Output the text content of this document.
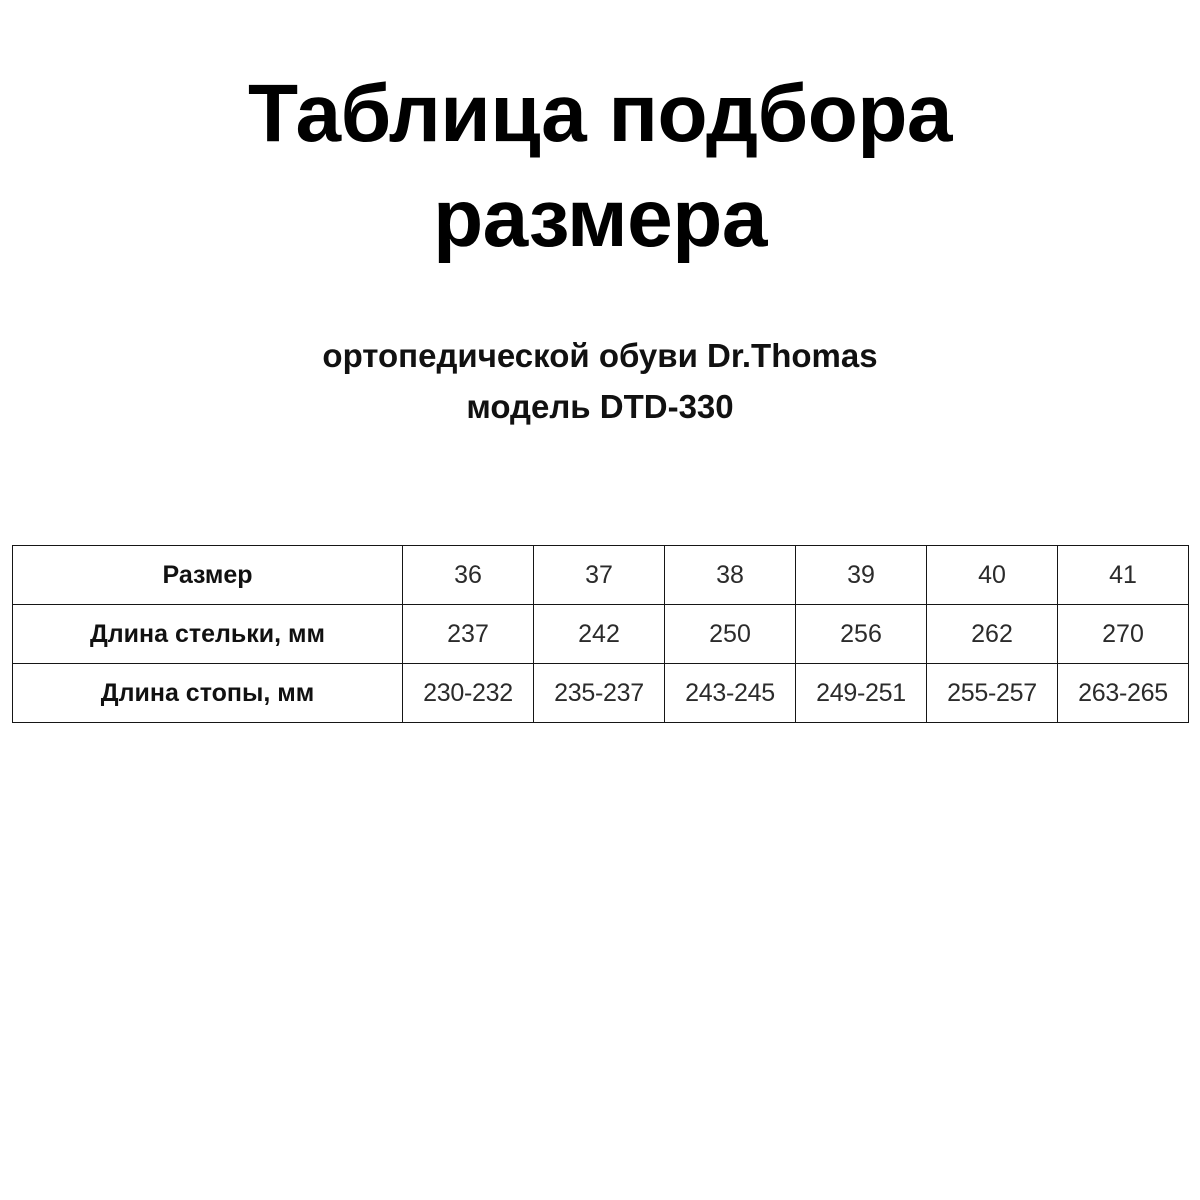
Таблица подбора размера
ортопедической обуви Dr.Thomas
модель DTD-330
Размер	36	37	38	39	40	41
Длина стельки, мм	237	242	250	256	262	270
Длина стопы, мм	230-232	235-237	243-245	249-251	255-257	263-265
